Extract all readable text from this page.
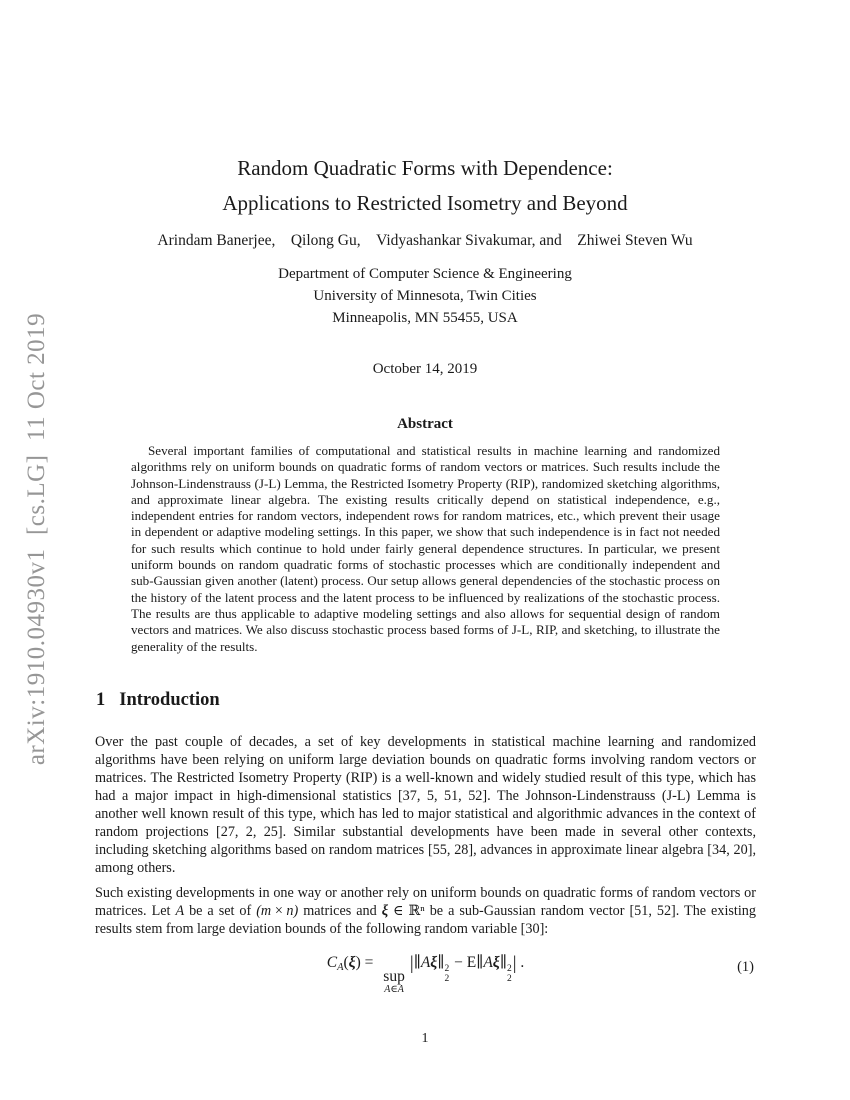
arXiv:1910.04930v1  [cs.LG]  11 Oct 2019
Random Quadratic Forms with Dependence:
Applications to Restricted Isometry and Beyond
Arindam Banerjee, Qilong Gu, Vidyashankar Sivakumar, and Zhiwei Steven Wu
Department of Computer Science & Engineering
University of Minnesota, Twin Cities
Minneapolis, MN 55455, USA
October 14, 2019
Abstract

Several important families of computational and statistical results in machine learning and randomized algorithms rely on uniform bounds on quadratic forms of random vectors or matrices. Such results include the Johnson-Lindenstrauss (J-L) Lemma, the Restricted Isometry Property (RIP), randomized sketching algorithms, and approximate linear algebra. The existing results critically depend on statistical independence, e.g., independent entries for random vectors, independent rows for random matrices, etc., which prevent their usage in dependent or adaptive modeling settings. In this paper, we show that such independence is in fact not needed for such results which continue to hold under fairly general dependence structures. In particular, we present uniform bounds on random quadratic forms of stochastic processes which are conditionally independent and sub-Gaussian given another (latent) process. Our setup allows general dependencies of the stochastic process on the history of the latent process and the latent process to be influenced by realizations of the stochastic process. The results are thus applicable to adaptive modeling settings and also allows for sequential design of random vectors and matrices. We also discuss stochastic process based forms of J-L, RIP, and sketching, to illustrate the generality of the results.

1 Introduction

Over the past couple of decades, a set of key developments in statistical machine learning and randomized algorithms have been relying on uniform large deviation bounds on quadratic forms involving random vectors or matrices. The Restricted Isometry Property (RIP) is a well-known and widely studied result of this type, which has had a major impact in high-dimensional statistics [37, 5, 51, 52]. The Johnson-Lindenstrauss (J-L) Lemma is another well known result of this type, which has led to major statistical and algorithmic advances in the context of random projections [27, 2, 25]. Similar substantial developments have been made in several other contexts, including sketching algorithms based on random matrices [55, 28], advances in approximate linear algebra [34, 20], among others.

Such existing developments in one way or another rely on uniform bounds on quadratic forms of random vectors or matrices. Let A be a set of (m × n) matrices and ξ ∈ ℝⁿ be a sub-Gaussian random vector [51, 52]. The existing results stem from large deviation bounds of the following random variable [30]:

CA(ξ) =
sup
A∈A
|∥Aξ∥ 2
2
− E∥Aξ∥ 2
2
| .	(1)
1
